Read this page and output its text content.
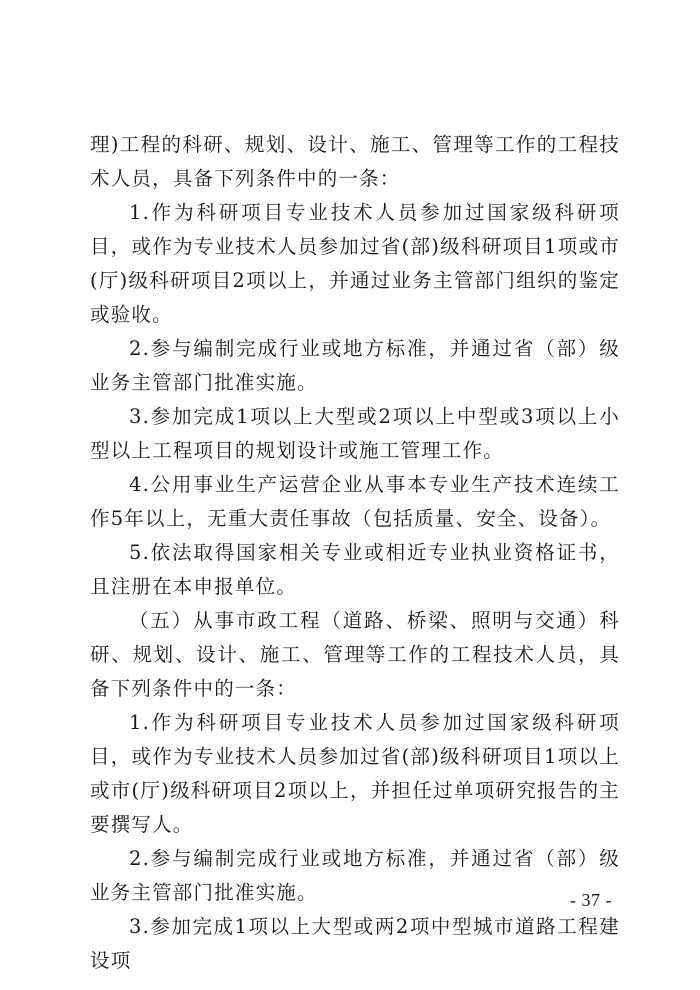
理)工程的科研、规划、设计、施工、管理等工作的工程技术人员，具备下列条件中的一条：

1.作为科研项目专业技术人员参加过国家级科研项目，或作为专业技术人员参加过省(部)级科研项目1项或市(厅)级科研项目2项以上，并通过业务主管部门组织的鉴定或验收。

2.参与编制完成行业或地方标准，并通过省（部）级业务主管部门批准实施。

3.参加完成1项以上大型或2项以上中型或3项以上小型以上工程项目的规划设计或施工管理工作。

4.公用事业生产运营企业从事本专业生产技术连续工作5年以上，无重大责任事故（包括质量、安全、设备）。

5.依法取得国家相关专业或相近专业执业资格证书，且注册在本申报单位。

（五）从事市政工程（道路、桥梁、照明与交通）科研、规划、设计、施工、管理等工作的工程技术人员，具备下列条件中的一条：

1.作为科研项目专业技术人员参加过国家级科研项目，或作为专业技术人员参加过省(部)级科研项目1项以上或市(厅)级科研项目2项以上，并担任过单项研究报告的主要撰写人。

2.参与编制完成行业或地方标准，并通过省（部）级业务主管部门批准实施。

3.参加完成1项以上大型或两2项中型城市道路工程建设项

- 37 -
